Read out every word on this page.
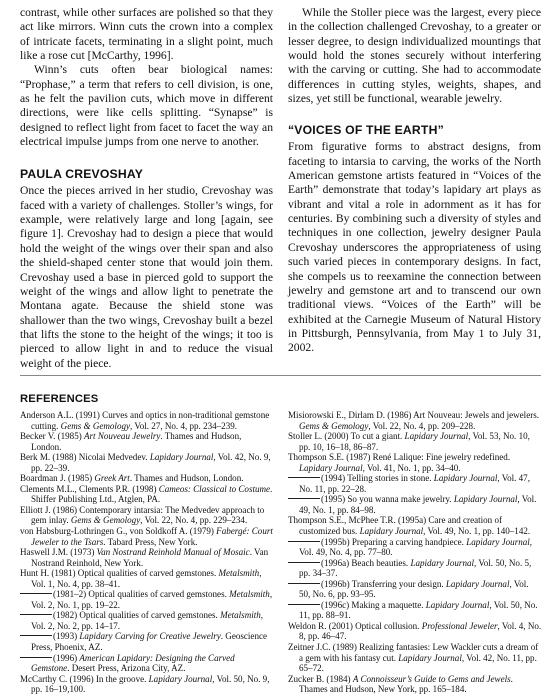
contrast, while other surfaces are polished so that they act like mirrors. Winn cuts the crown into a complex of intricate facets, terminating in a slight point, much like a rose cut [McCarthy, 1996].

Winn’s cuts often bear biological names: “Prophase,” a term that refers to cell division, is one, as he felt the pavilion cuts, which move in different directions, were like cells splitting. “Synapse” is designed to reflect light from facet to facet the way an electrical impulse jumps from one nerve to another.

PAULA CREVOSHAY

Once the pieces arrived in her studio, Crevoshay was faced with a variety of challenges. Stoller’s wings, for example, were relatively large and long [again, see figure 1]. Crevoshay had to design a piece that would hold the weight of the wings over their span and also the shield-shaped center stone that would join them. Crevoshay used a base in pierced gold to support the weight of the wings and allow light to penetrate the Montana agate. Because the shield stone was shallower than the two wings, Crevoshay built a bezel that lifts the stone to the height of the wings; it too is pierced to allow light in and to reduce the visual weight of the piece.

While the Stoller piece was the largest, every piece in the collection challenged Crevoshay, to a greater or lesser degree, to design individualized mountings that would hold the stones securely without interfering with the carving or cutting. She had to accommodate differences in cutting styles, weights, shapes, and sizes, yet still be functional, wearable jewelry.

“VOICES OF THE EARTH”

From figurative forms to abstract designs, from faceting to intarsia to carving, the works of the North American gemstone artists featured in “Voices of the Earth” demonstrate that today’s lapidary art plays as vibrant and vital a role in adornment as it has for centuries. By combining such a diversity of styles and techniques in one collection, jewelry designer Paula Crevoshay underscores the appropriateness of using such varied pieces in contemporary designs. In fact, she compels us to reexamine the connection between jewelry and gemstone art and to transcend our own traditional views. “Voices of the Earth” will be exhibited at the Carnegie Museum of Natural History in Pittsburgh, Pennsylvania, from May 1 to July 31, 2002.

REFERENCES
Anderson A.L. (1991) Curves and optics in non-traditional gemstone cutting. Gems & Gemology, Vol. 27, No. 4, pp. 234–239.
Becker V. (1985) Art Nouveau Jewelry. Thames and Hudson, London.
Berk M. (1988) Nicolai Medvedev. Lapidary Journal, Vol. 42, No. 9, pp. 22–39.
Boardman J. (1985) Greek Art. Thames and Hudson, London.
Clements M.L., Clements P.R. (1998) Cameos: Classical to Costume. Shiffer Publishing Ltd., Atglen, PA.
Elliott J. (1986) Contemporary intarsia: The Medvedev approach to gem inlay. Gems & Gemology, Vol. 22, No. 4, pp. 229–234.
von Habsburg-Lothringen G., von Soldkoff A. (1979) Fabergé: Court Jeweler to the Tsars. Tabard Press, New York.
Haswell J.M. (1973) Van Nostrand Reinhold Manual of Mosaic. Van Nostrand Reinhold, New York.
Hunt H. (1981) Optical qualities of carved gemstones. Metalsmith, Vol. 1, No. 4, pp. 38–41.
(1981–2) Optical qualities of carved gemstones. Metalsmith, Vol. 2, No. 1, pp. 19–22.
(1982) Optical qualities of carved gemstones. Metalsmith, Vol. 2, No. 2, pp. 14–17.
(1993) Lapidary Carving for Creative Jewelry. Geoscience Press, Phoenix, AZ.
(1996) American Lapidary: Designing the Carved Gemstone. Desert Press, Arizona City, AZ.
McCarthy C. (1996) In the groove. Lapidary Journal, Vol. 50, No. 9, pp. 16–19,100.
Misiorowski E., Dirlam D. (1986) Art Nouveau: Jewels and jewelers. Gems & Gemology, Vol. 22, No. 4, pp. 209–228.
Stoller L. (2000) To cut a giant. Lapidary Journal, Vol. 53, No. 10, pp. 10, 16–18, 86–87.
Thompson S.E. (1987) René Lalique: Fine jewelry redefined. Lapidary Journal, Vol. 41, No. 1, pp. 34–40.
(1994) Telling stories in stone. Lapidary Journal, Vol. 47, No. 11, pp. 22–28.
(1995) So you wanna make jewelry. Lapidary Journal, Vol. 49, No. 1, pp. 84–98.
Thompson S.E., McPhee T.R. (1995a) Care and creation of customized bus. Lapidary Journal, Vol. 49, No. 1, pp. 140–142.
(1995b) Preparing a carving handpiece. Lapidary Journal, Vol. 49, No. 4, pp. 77–80.
(1996a) Beach beauties. Lapidary Journal, Vol. 50, No. 5, pp. 34–37.
(1996b) Transferring your design. Lapidary Journal, Vol. 50, No. 6, pp. 93–95.
(1996c) Making a maquette. Lapidary Journal, Vol. 50, No. 11, pp. 88–91.
Weldon R. (2001) Optical collusion. Professional Jeweler, Vol. 4, No. 8, pp. 46–47.
Zeitner J.C. (1989) Realizing fantasies: Lew Wackler cuts a dream of a gem with his fantasy cut. Lapidary Journal, Vol. 42, No. 11, pp. 65–72.
Zucker B. (1984) A Connoisseur’s Guide to Gems and Jewels. Thames and Hudson, New York, pp. 165–184.
